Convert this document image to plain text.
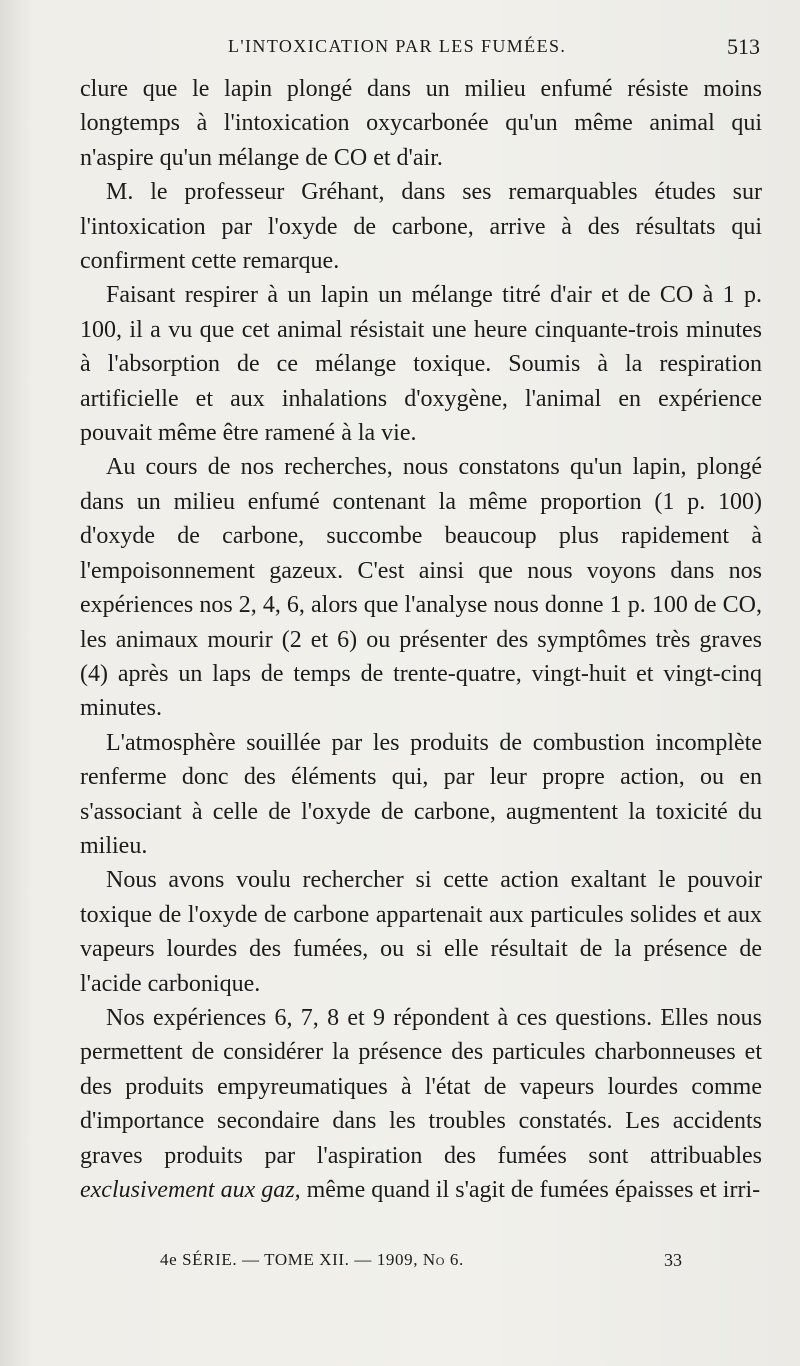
L'INTOXICATION PAR LES FUMÉES.	513

clure que le lapin plongé dans un milieu enfumé résiste moins longtemps à l'intoxication oxycarbonée qu'un même animal qui n'aspire qu'un mélange de CO et d'air.

M. le professeur Gréhant, dans ses remarquables études sur l'intoxication par l'oxyde de carbone, arrive à des résultats qui confirment cette remarque.

Faisant respirer à un lapin un mélange titré d'air et de CO à 1 p. 100, il a vu que cet animal résistait une heure cinquante-trois minutes à l'absorption de ce mélange toxique. Soumis à la respiration artificielle et aux inhalations d'oxygène, l'animal en expérience pouvait même être ramené à la vie.

Au cours de nos recherches, nous constatons qu'un lapin, plongé dans un milieu enfumé contenant la même proportion (1 p. 100) d'oxyde de carbone, succombe beaucoup plus rapidement à l'empoisonnement gazeux. C'est ainsi que nous voyons dans nos expériences nos 2, 4, 6, alors que l'analyse nous donne 1 p. 100 de CO, les animaux mourir (2 et 6) ou présenter des symptômes très graves (4) après un laps de temps de trente-quatre, vingt-huit et vingt-cinq minutes.

L'atmosphère souillée par les produits de combustion incomplète renferme donc des éléments qui, par leur propre action, ou en s'associant à celle de l'oxyde de carbone, augmentent la toxicité du milieu.

Nous avons voulu rechercher si cette action exaltant le pouvoir toxique de l'oxyde de carbone appartenait aux particules solides et aux vapeurs lourdes des fumées, ou si elle résultait de la présence de l'acide carbonique.

Nos expériences 6, 7, 8 et 9 répondent à ces questions. Elles nous permettent de considérer la présence des particules charbonneuses et des produits empyreumatiques à l'état de vapeurs lourdes comme d'importance secondaire dans les troubles constatés. Les accidents graves produits par l'aspiration des fumées sont attribuables exclusivement aux gaz, même quand il s'agit de fumées épaisses et irri-

4e SÉRIE. — TOME XII. — 1909, No 6.	33
